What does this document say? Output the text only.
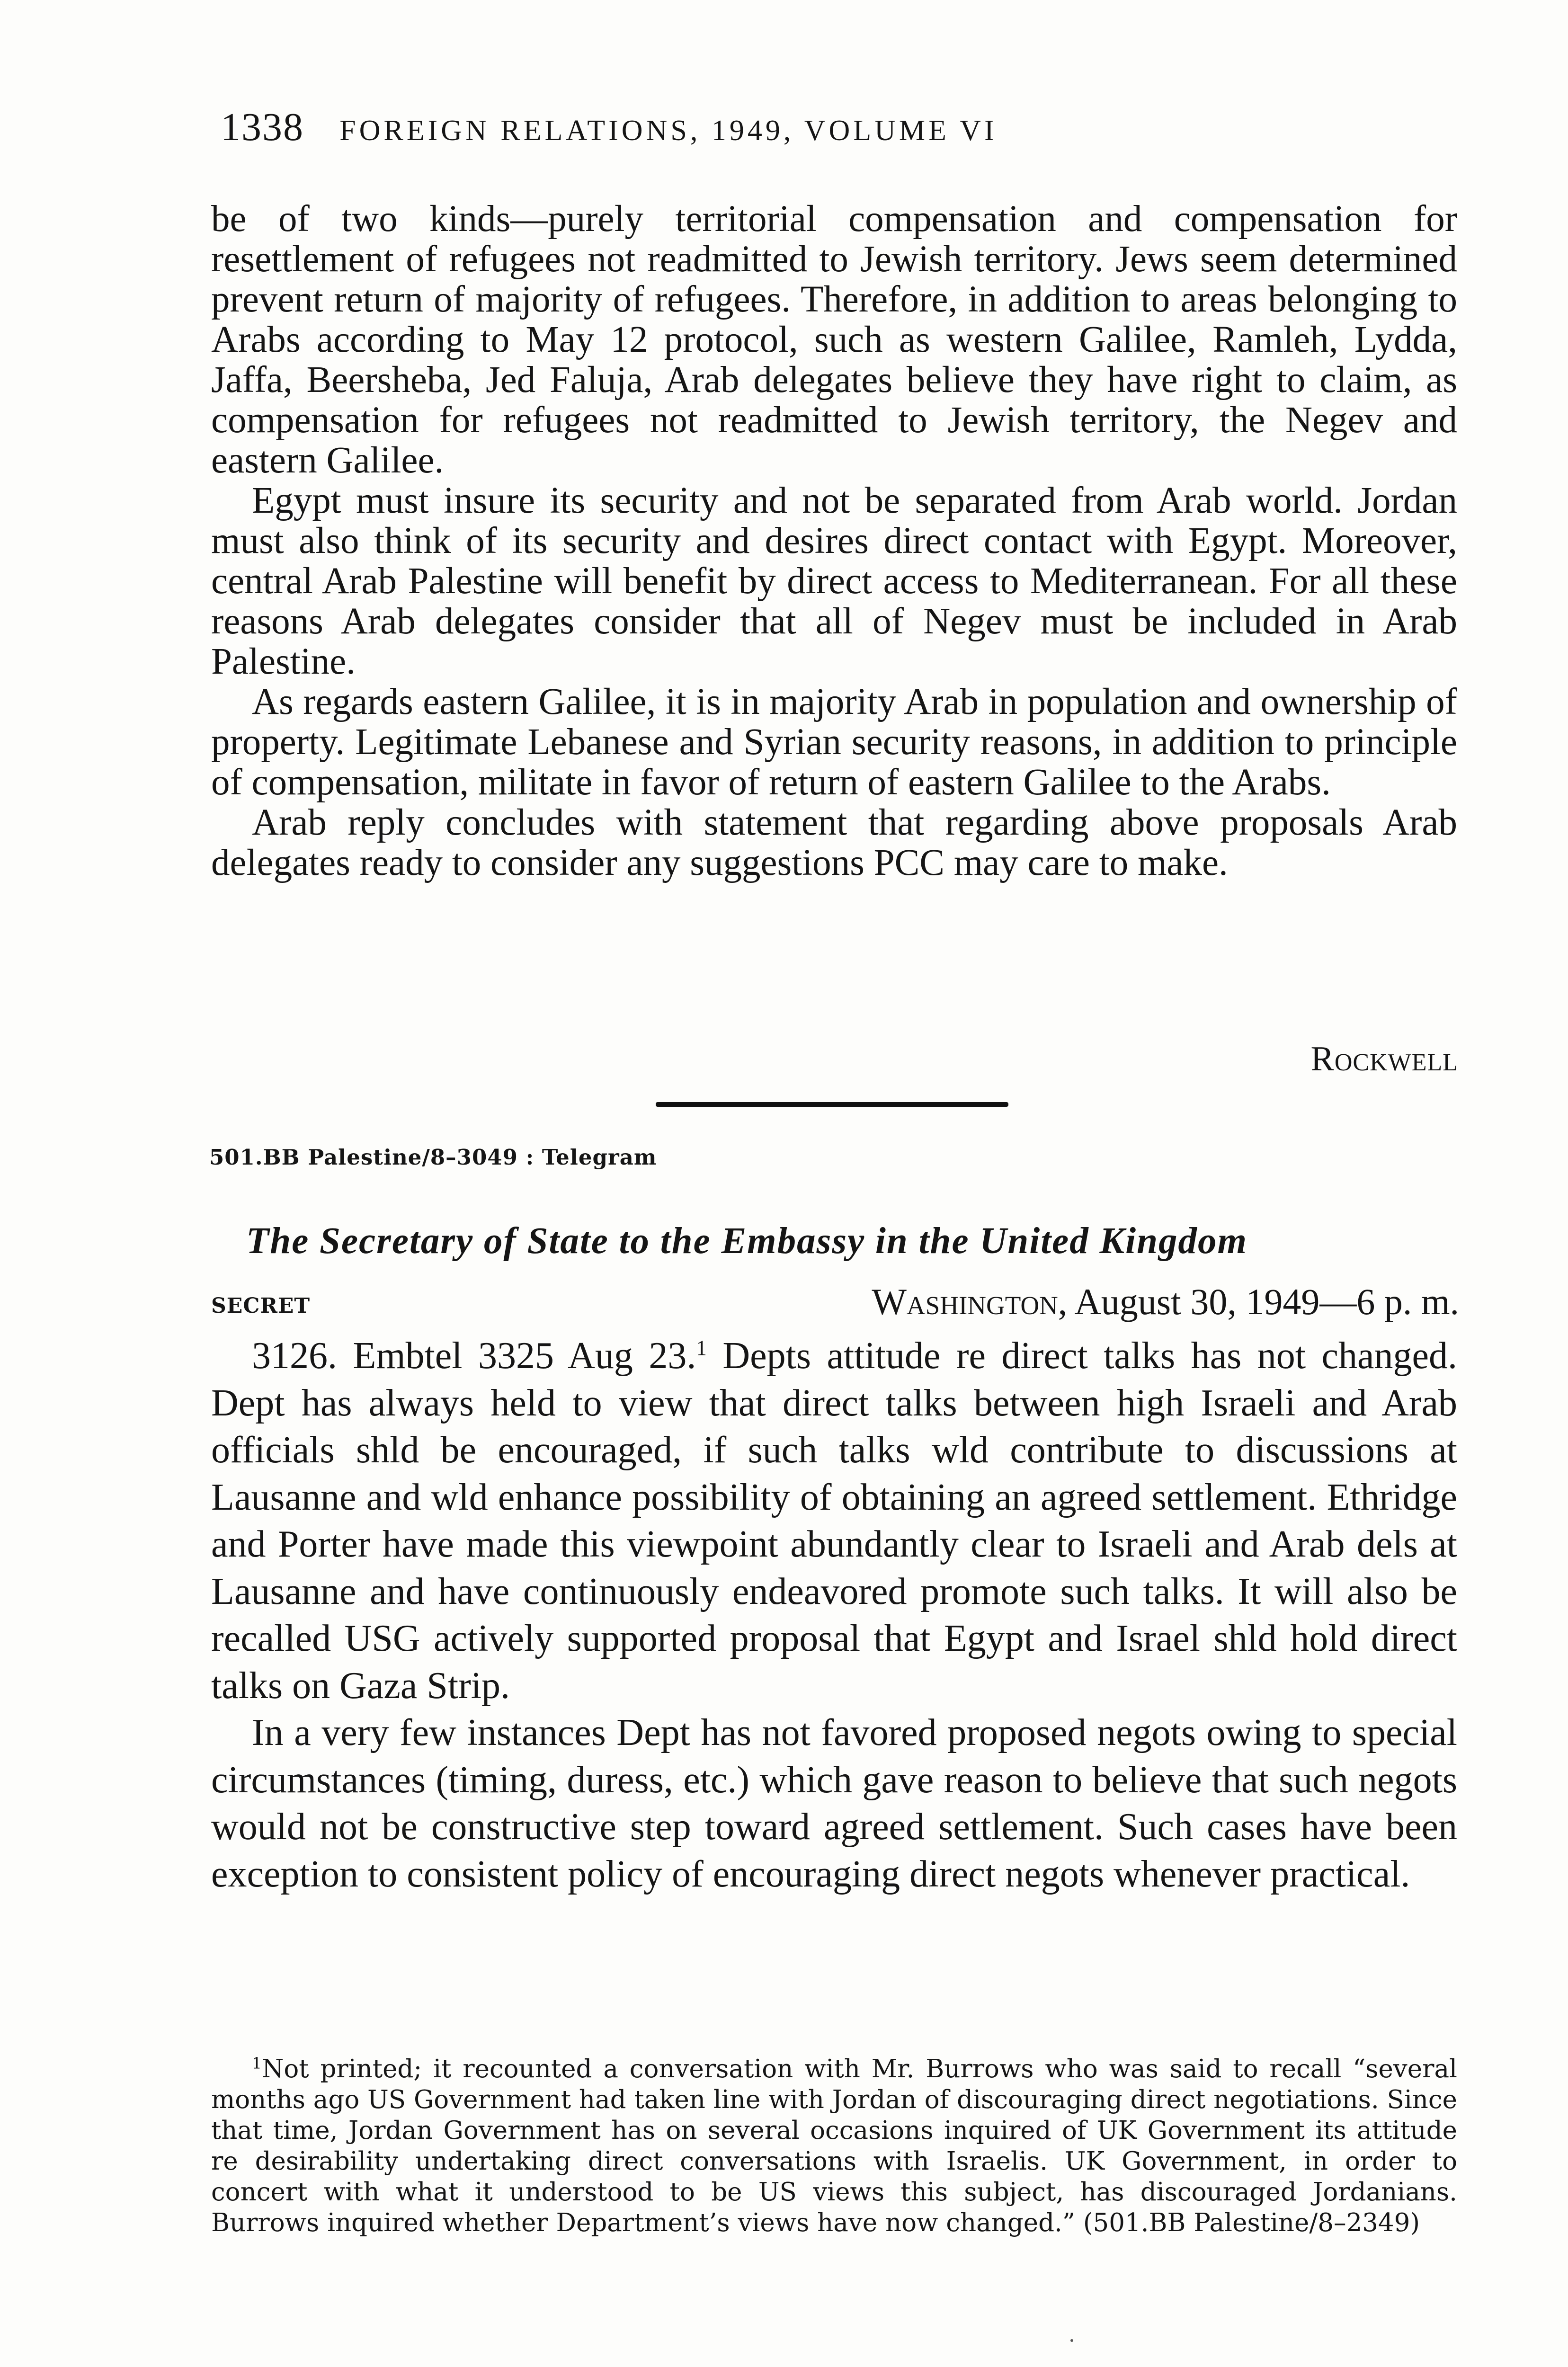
1338 FOREIGN RELATIONS, 1949, VOLUME VI

be of two kinds—purely territorial compensation and compensation for resettlement of refugees not readmitted to Jewish territory. Jews seem determined prevent return of majority of refugees. Therefore, in addition to areas belonging to Arabs according to May 12 protocol, such as western Galilee, Ramleh, Lydda, Jaffa, Beersheba, Jed Faluja, Arab delegates believe they have right to claim, as compensation for refugees not readmitted to Jewish territory, the Negev and eastern Galilee.

Egypt must insure its security and not be separated from Arab world. Jordan must also think of its security and desires direct contact with Egypt. Moreover, central Arab Palestine will benefit by direct access to Mediterranean. For all these reasons Arab delegates consider that all of Negev must be included in Arab Palestine.

As regards eastern Galilee, it is in majority Arab in population and ownership of property. Legitimate Lebanese and Syrian security reasons, in addition to principle of compensation, militate in favor of return of eastern Galilee to the Arabs.

Arab reply concludes with statement that regarding above proposals Arab delegates ready to consider any suggestions PCC may care to make.

Rockwell
501.BB Palestine/8–3049 : Telegram
The Secretary of State to the Embassy in the United Kingdom
SECRET	Washington, August 30, 1949—6 p. m.

3126. Embtel 3325 Aug 23.$^1$ Depts attitude re direct talks has not changed. Dept has always held to view that direct talks between high Israeli and Arab officials shld be encouraged, if such talks wld contribute to discussions at Lausanne and wld enhance possibility of obtaining an agreed settlement. Ethridge and Porter have made this viewpoint abundantly clear to Israeli and Arab dels at Lausanne and have continuously endeavored promote such talks. It will also be recalled USG actively supported proposal that Egypt and Israel shld hold direct talks on Gaza Strip.

In a very few instances Dept has not favored proposed negots owing to special circumstances (timing, duress, etc.) which gave reason to believe that such negots would not be constructive step toward agreed settlement. Such cases have been exception to consistent policy of encouraging direct negots whenever practical.

$^1$Not printed; it recounted a conversation with Mr. Burrows who was said to recall “several months ago US Government had taken line with Jordan of discouraging direct negotiations. Since that time, Jordan Government has on several occasions inquired of UK Government its attitude re desirability undertaking direct conversations with Israelis. UK Government, in order to concert with what it understood to be US views this subject, has discouraged Jordanians. Burrows inquired whether Department’s views have now changed.” (501.BB Palestine/8–2349)
